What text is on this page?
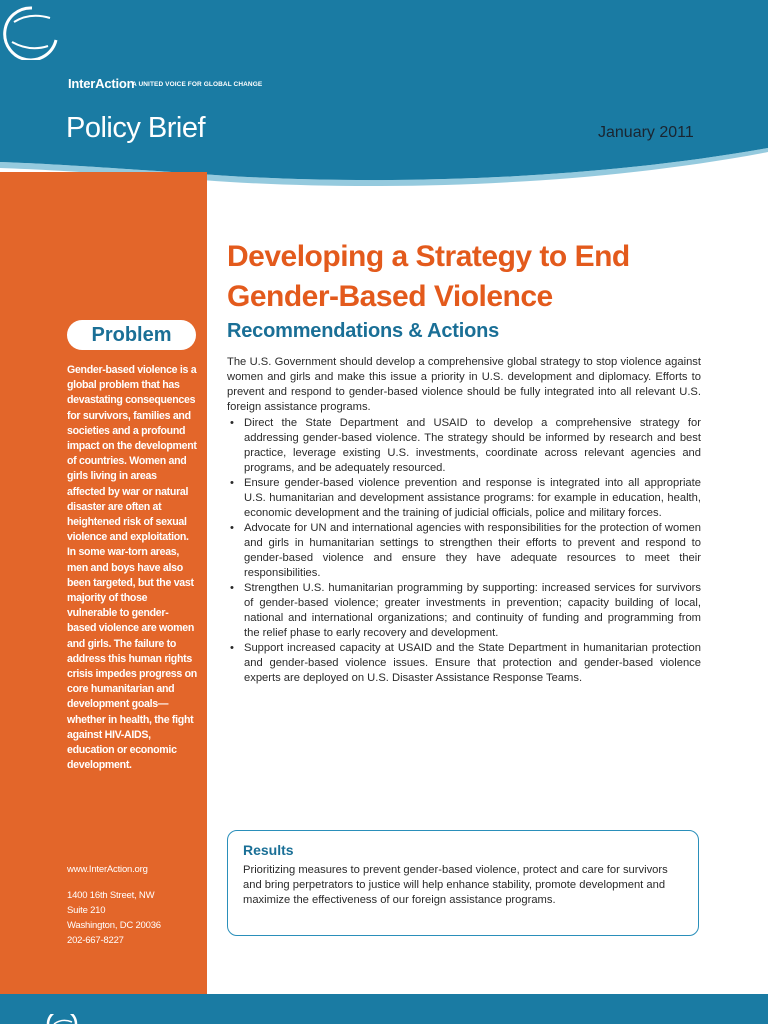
InterAction
A UNITED VOICE FOR GLOBAL CHANGE
Policy Brief	January 2011
Problem
Gender-based violence is a global problem that has devastating consequences for survivors, families and societies and a profound impact on the development of countries. Women and girls living in areas affected by war or natural disaster are often at heightened risk of sexual violence and exploitation. In some war-torn areas, men and boys have also been targeted, but the vast majority of those vulnerable to gender-based violence are women and girls. The failure to address this human rights crisis impedes progress on core humanitarian and development goals—whether in health, the fight against HIV-AIDS, education or economic development.
www.InterAction.org
1400 16th Street, NW
Suite 210
Washington, DC 20036
202-667-8227
Developing a Strategy to End Gender-Based Violence
Recommendations & Actions

The U.S. Government should develop a comprehensive global strategy to stop violence against women and girls and make this issue a priority in U.S. development and diplomacy. Efforts to prevent and respond to gender-based violence should be fully integrated into all relevant U.S. foreign assistance programs.

• Direct the State Department and USAID to develop a comprehensive strategy for addressing gender-based violence. The strategy should be informed by research and best practice, leverage existing U.S. investments, coordinate across relevant agencies and programs, and be adequately resourced.
• Ensure gender-based violence prevention and response is integrated into all appropriate U.S. humanitarian and development assistance programs: for example in education, health, economic development and the training of judicial officials, police and military forces.
• Advocate for UN and international agencies with responsibilities for the protection of women and girls in humanitarian settings to strengthen their efforts to prevent and respond to gender-based violence and ensure they have adequate resources to meet their responsibilities.
• Strengthen U.S. humanitarian programming by supporting: increased services for survivors of gender-based violence; greater investments in prevention; capacity building of local, national and international organizations; and continuity of funding and programming from the relief phase to early recovery and development.
• Support increased capacity at USAID and the State Department in humanitarian protection and gender-based violence issues. Ensure that protection and gender-based violence experts are deployed on U.S. Disaster Assistance Response Teams.
Results

Prioritizing measures to prevent gender-based violence, protect and care for survivors and bring perpetrators to justice will help enhance stability, promote development and maximize the effectiveness of our foreign assistance programs.
